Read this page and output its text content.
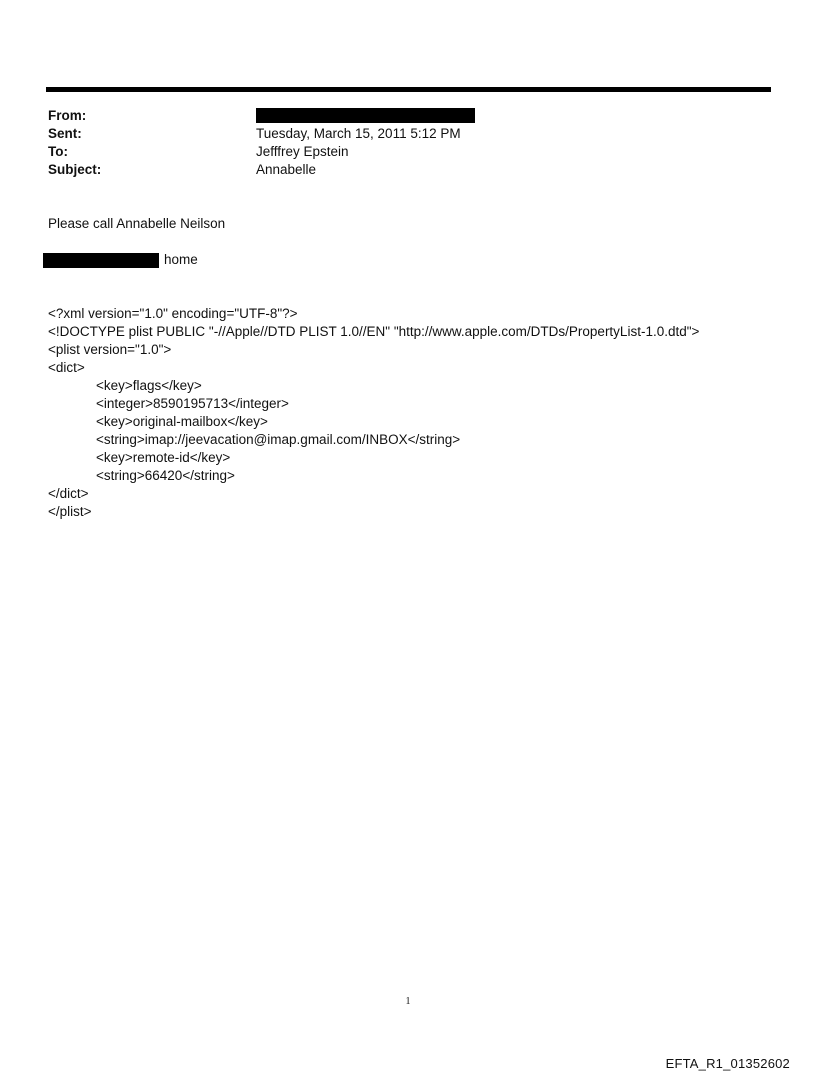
From:
Sent:	Tuesday, March 15, 2011 5:12 PM
To:	Jefffrey Epstein
Subject:	Annabelle
Please call Annabelle Neilson
home
<?xml version="1.0" encoding="UTF-8"?>
<!DOCTYPE plist PUBLIC "-//Apple//DTD PLIST 1.0//EN" "http://www.apple.com/DTDs/PropertyList-1.0.dtd">
<plist version="1.0">
<dict>
<key>flags</key>
<integer>8590195713</integer>
<key>original-mailbox</key>
<string>imap://jeevacation@imap.gmail.com/INBOX</string>
<key>remote-id</key>
<string>66420</string>
</dict>
</plist>
1
EFTA_R1_01352602
